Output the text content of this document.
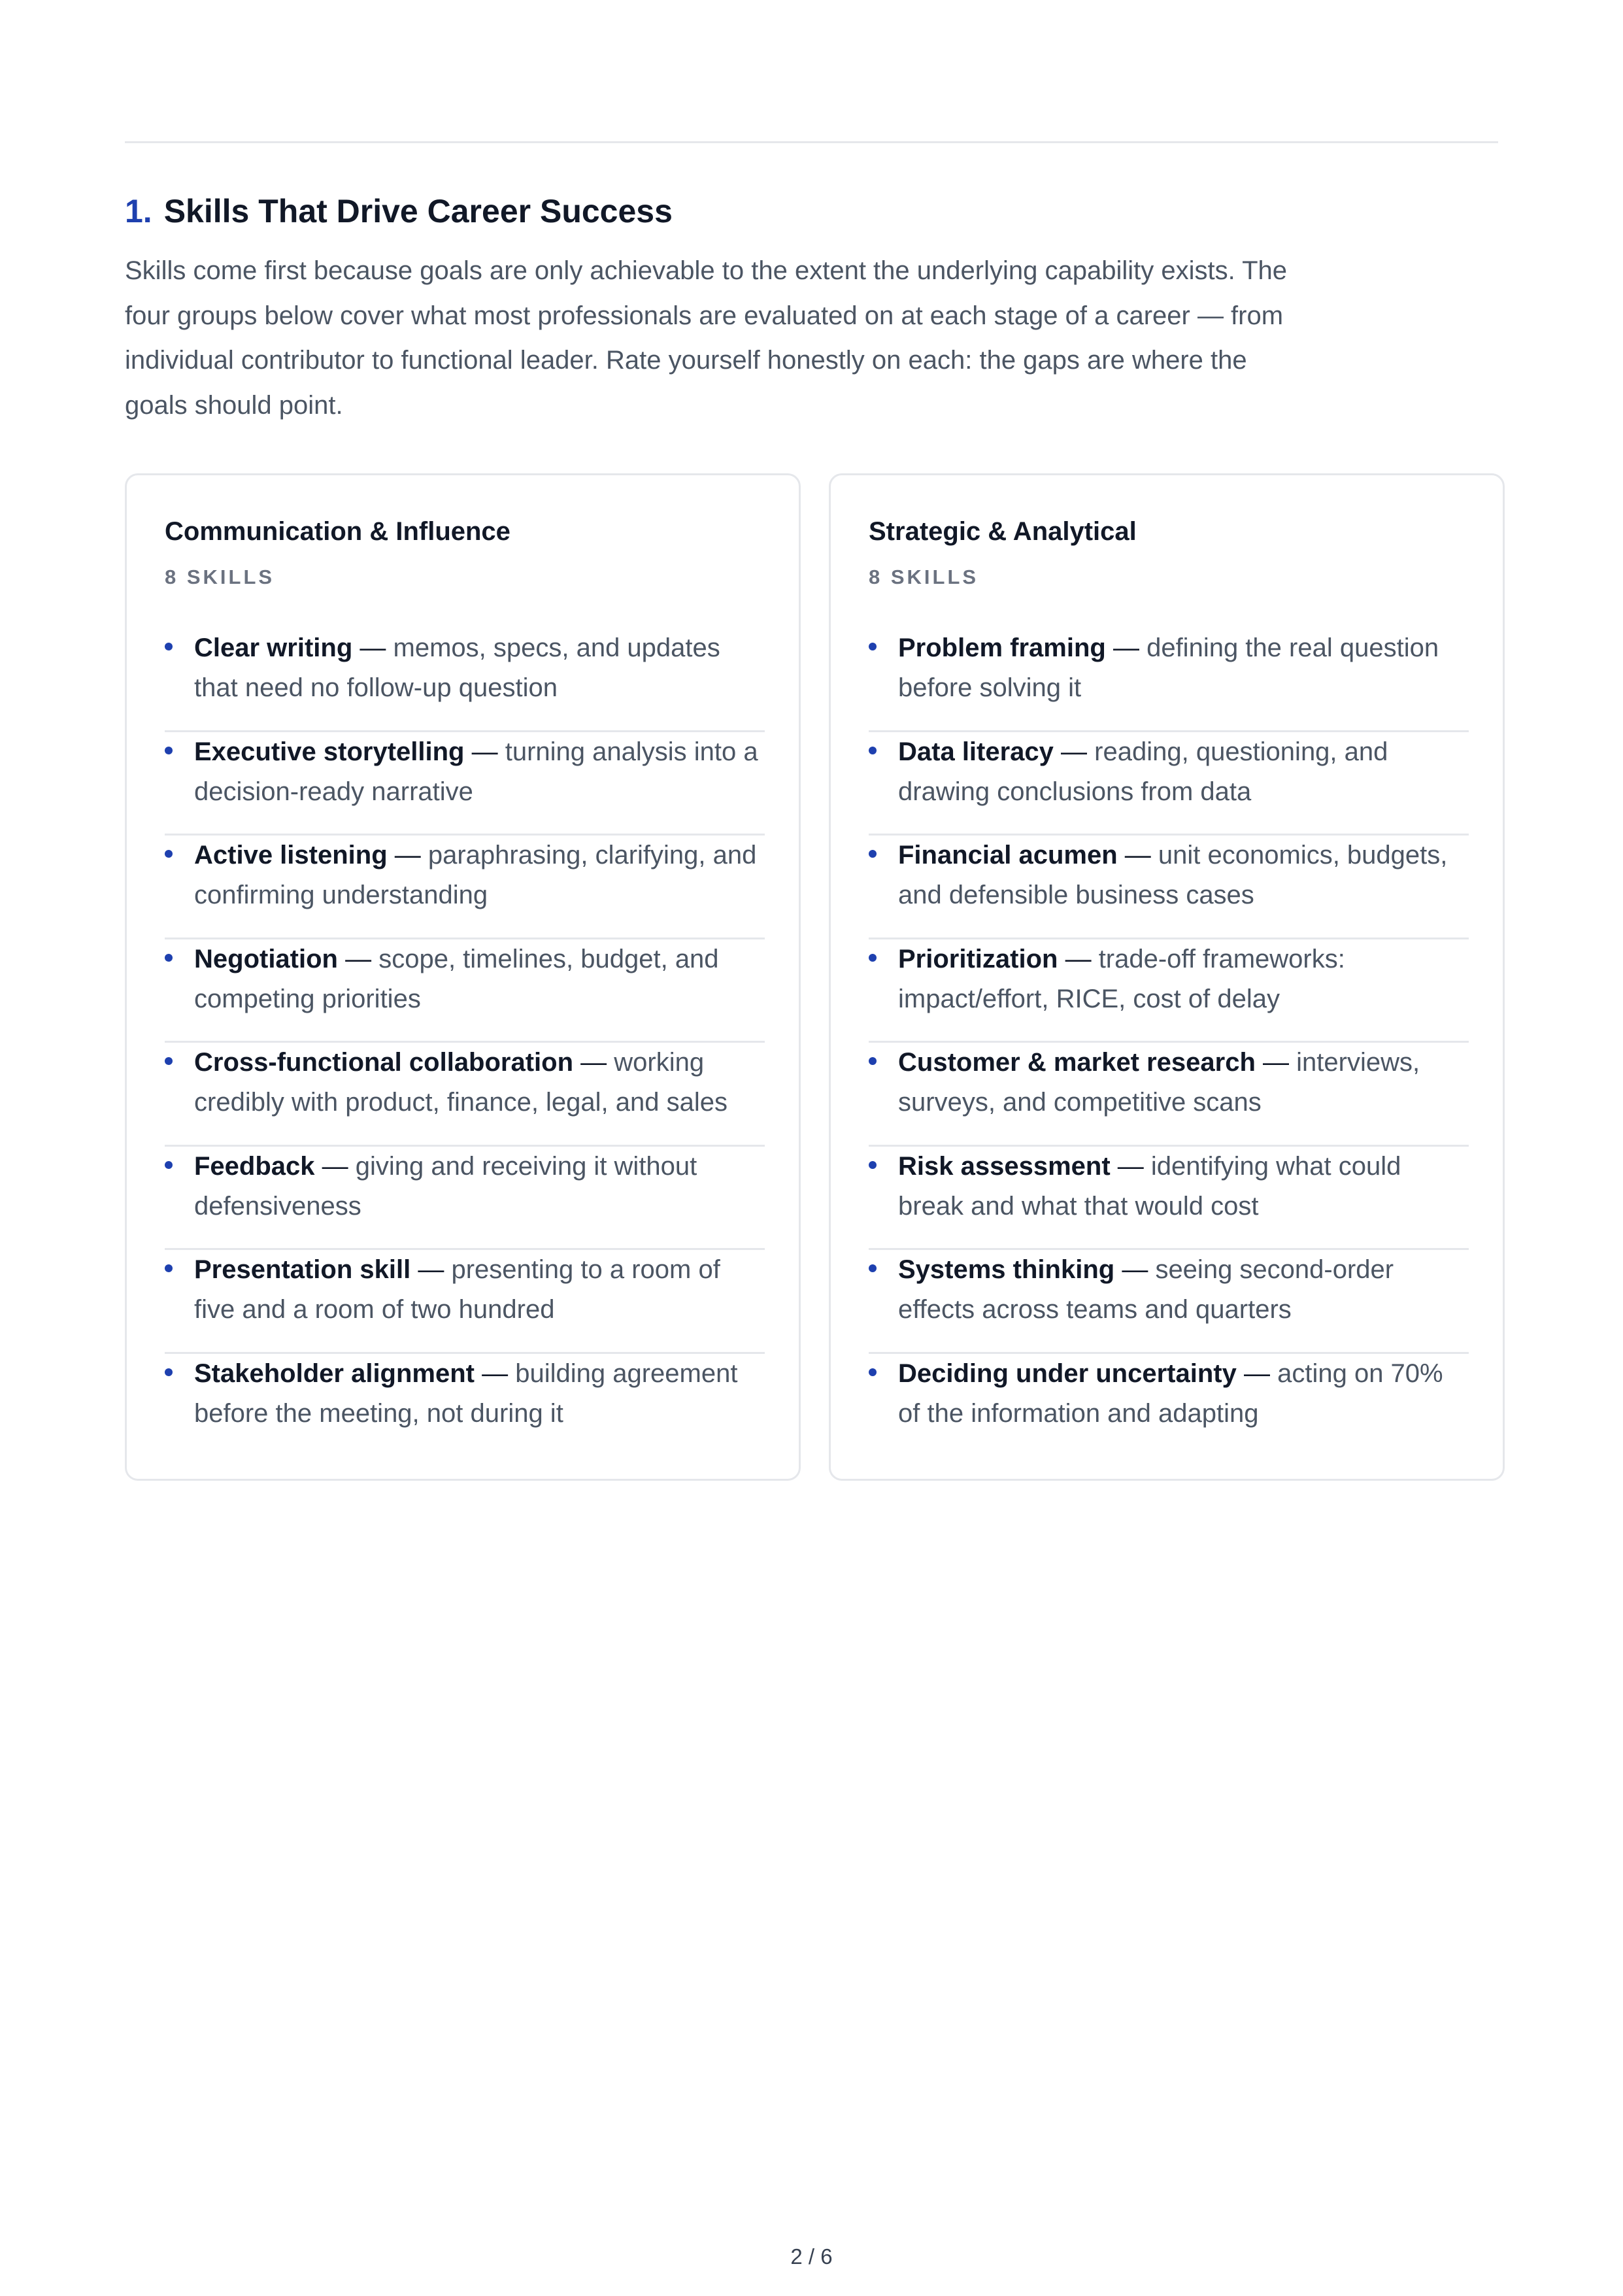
1. Skills That Drive Career Success

Skills come first because goals are only achievable to the extent the underlying capability exists. The four groups below cover what most professionals are evaluated on at each stage of a career — from individual contributor to functional leader. Rate yourself honestly on each: the gaps are where the goals should point.

Communication & Influence
8 SKILLS

Clear writing — memos, specs, and updates that need no follow-up question

Executive storytelling — turning analysis into a decision-ready narrative

Active listening — paraphrasing, clarifying, and confirming understanding

Negotiation — scope, timelines, budget, and competing priorities

Cross-functional collaboration — working credibly with product, finance, legal, and sales

Feedback — giving and receiving it without defensiveness

Presentation skill — presenting to a room of five and a room of two hundred

Stakeholder alignment — building agreement before the meeting, not during it

Strategic & Analytical
8 SKILLS

Problem framing — defining the real question before solving it

Data literacy — reading, questioning, and drawing conclusions from data

Financial acumen — unit economics, budgets, and defensible business cases

Prioritization — trade-off frameworks: impact/effort, RICE, cost of delay

Customer & market research — interviews, surveys, and competitive scans

Risk assessment — identifying what could break and what that would cost

Systems thinking — seeing second-order effects across teams and quarters

Deciding under uncertainty — acting on 70% of the information and adapting

2 / 6
